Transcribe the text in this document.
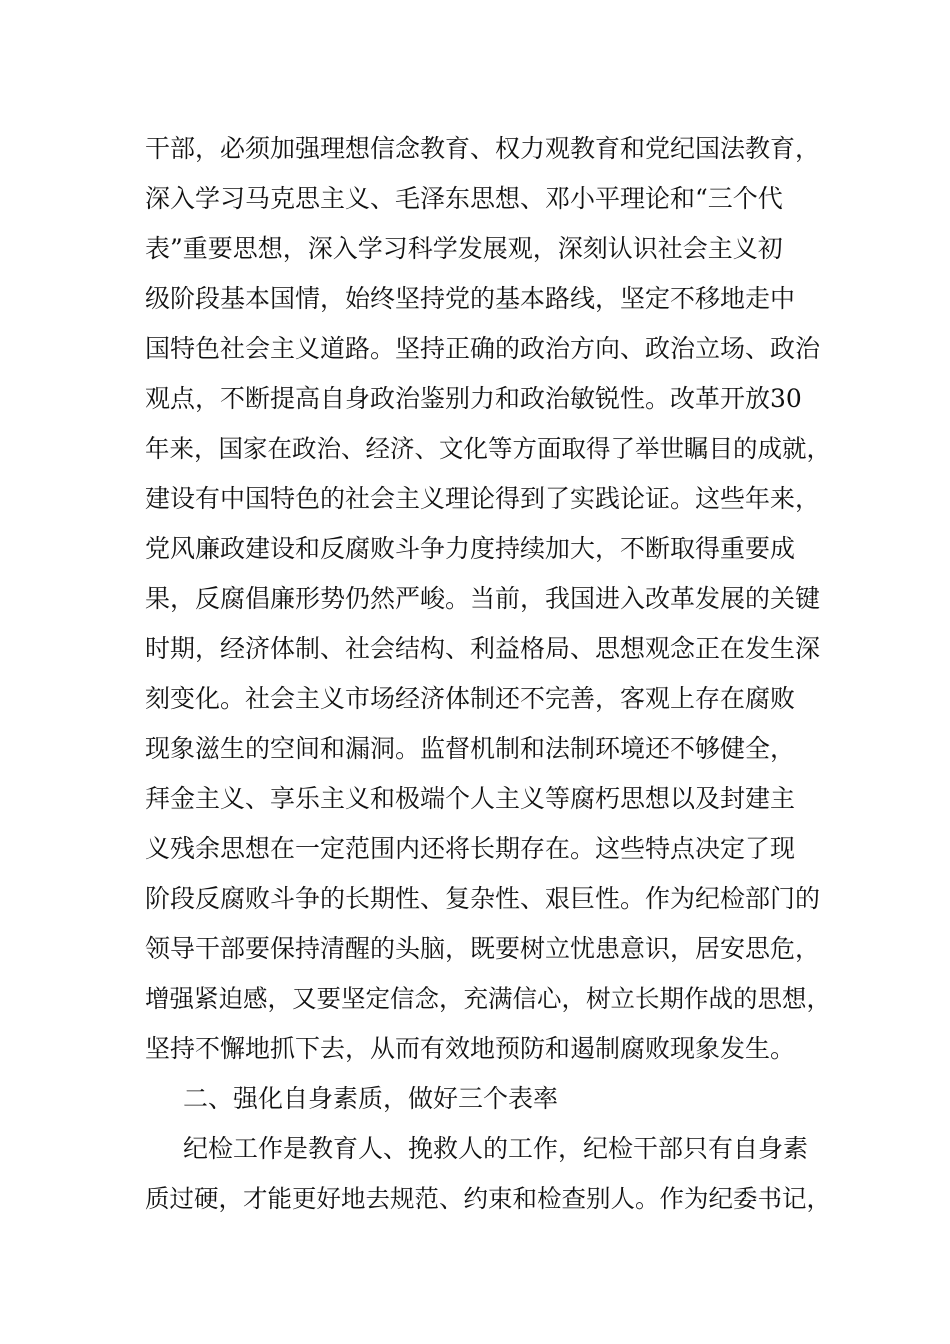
干部，必须加强理想信念教育、权力观教育和党纪国法教育，
深入学习马克思主义、毛泽东思想、邓小平理论和“三个代
表”重要思想，深入学习科学发展观，深刻认识社会主义初
级阶段基本国情，始终坚持党的基本路线，坚定不移地走中
国特色社会主义道路。坚持正确的政治方向、政治立场、政治
观点，不断提高自身政治鉴别力和政治敏锐性。改革开放30
年来，国家在政治、经济、文化等方面取得了举世瞩目的成就，
建设有中国特色的社会主义理论得到了实践论证。这些年来，
党风廉政建设和反腐败斗争力度持续加大，不断取得重要成
果，反腐倡廉形势仍然严峻。当前，我国进入改革发展的关键
时期，经济体制、社会结构、利益格局、思想观念正在发生深
刻变化。社会主义市场经济体制还不完善，客观上存在腐败
现象滋生的空间和漏洞。监督机制和法制环境还不够健全，
拜金主义、享乐主义和极端个人主义等腐朽思想以及封建主
义残余思想在一定范围内还将长期存在。这些特点决定了现
阶段反腐败斗争的长期性、复杂性、艰巨性。作为纪检部门的
领导干部要保持清醒的头脑，既要树立忧患意识，居安思危，
增强紧迫感，又要坚定信念，充满信心，树立长期作战的思想，
坚持不懈地抓下去，从而有效地预防和遏制腐败现象发生。
二、强化自身素质，做好三个表率
纪检工作是教育人、挽救人的工作，纪检干部只有自身素
质过硬，才能更好地去规范、约束和检查别人。作为纪委书记，
